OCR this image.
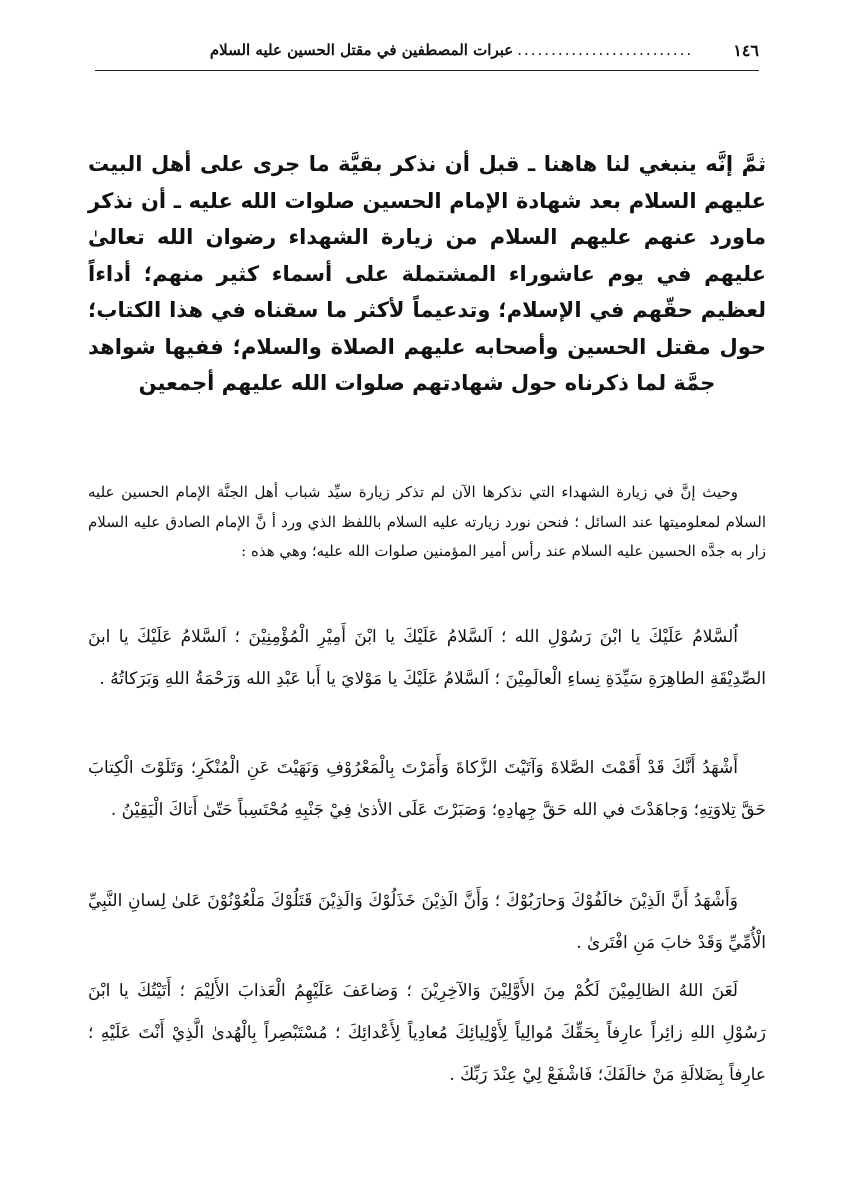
١٤٦
..........................
عبرات المصطفين في مقتل الحسين عليه السلام
ثمَّ إنَّه ينبغي لنا هاهنا ـ قبل أن نذكر بقيَّة ما جرى على أهل البيت عليهم السلام بعد شهادة الإمام الحسين صلوات الله عليه ـ أن نذكر ماورد عنهم عليهم السلام من زيارة الشهداء رضوان الله تعالىٰ عليهم في يوم عاشوراء المشتملة على أسماء كثير منهم؛ أداءاً لعظيم حقّهم في الإسلام؛ وتدعيماً لأكثر ما سقناه في هذا الكتاب؛ حول مقتل الحسين وأصحابه عليهم الصلاة والسلام؛ ففيها شواهد جمَّة لما ذكرناه حول شهادتهم صلوات الله عليهم أجمعين

وحيث إنَّ في زيارة الشهداء التي نذكرها الآن لم تذكر زيارة سيِّد شباب أهل الجنَّة الإمام الحسين عليه السلام لمعلوميتها عند السائل ؛ فنحن نورد زيارته عليه السلام باللفظ الذي ورد أ نَّ الإمام الصادق عليه السلام زار به جدَّه الحسين عليه السلام عند رأس أمير المؤمنين صلوات الله عليه؛ وهي هذه :

اُلسَّلامُ عَلَيْكَ يا ابْنَ رَسُوْلِ الله ؛ اَلسَّلامُ عَلَيْكَ يا ابْنَ أَمِيْرِ الْمُؤْمِنِيْنَ ؛ اَلسَّلامُ عَلَيْكَ يا ابنَ الصِّدِيْقَةِ الطاهِرَةِ سَيِّدَةِ نِساءِ الْعالَمِيْنَ ؛ اَلسَّلامُ عَلَيْكَ يا مَوْلايَ يا أَبا عَبْدِ الله وَرَحْمَةُ اللهِ وَبَرَكاتُهُ .

أَشْهَدُ أَنَّكَ قَدْ أَقَمْتَ الصَّلاةَ وَآتَيْتَ الزَّكاةَ وَأَمَرْتَ بِالْمَعْرُوْفِ وَنَهَيْتَ عَنِ الْمُنْكَرِ؛ وَتَلَوْتَ الْكِتابَ حَقَّ تِلاوَتِهِ؛ وَجاهَدْتَ في الله حَقَّ جِهادِهِ؛ وَصَبَرْتَ عَلَى الأذىٰ فِيْ جَنْبِهِ مُحْتَسِباً حَتّىٰ أَتاكَ الْيَقِيْنُ .

وَأَشْهَدُ أَنَّ الَذِيْنَ خالَفُوْكَ وَحارَبُوْكَ ؛ وَأَنَّ الَذِيْنَ خَذَلُوْكَ وَالَذِيْنَ قَتَلُوْكَ مَلْعُوْنُوْنَ عَلىٰ لِسانِ النَّبِيِّ الْأُمِّيِّ وَقَدْ خابَ مَنِ افْتَرىٰ .

لَعَنَ اللهُ الظالِمِيْنَ لَكُمْ مِنَ الأَوَّلِيْنَ وَالآخِرِيْنَ ؛ وَضاعَفَ عَلَيْهِمُ الْعَذابَ الأَلِيْمَ ؛ أَتَيْتُكَ يا ابْنَ رَسُوْلِ اللهِ زائِراً عارِفاً بِحَقِّكَ مُوالِياً لِأَوْلِيائِكَ مُعادِياً لِأَعْدائِكَ ؛ مُسْتَبْصِراً بِالْهُدىٰ الَّذِيْ أَنْتَ عَلَيْهِ ؛ عارِفاً بِضَلالَةِ مَنْ خالَفَكَ؛ فَاشْفَعْ لِيْ عِنْدَ رَبِّكَ .
